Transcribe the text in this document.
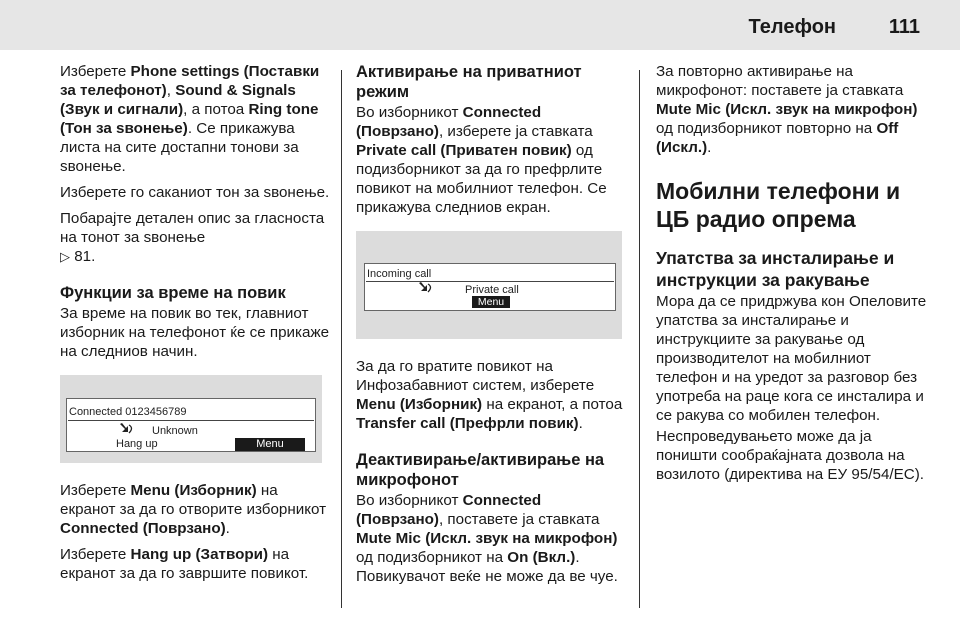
Телефон	111

Изберете Phone settings (Поставки за телефонот), Sound & Signals (Звук и сигнали), а потоа Ring tone (Тон за ѕвонење). Се прикажува листа на сите достапни тонови за ѕвонење.

Изберете го саканиот тон за ѕвонење.

Побарајте детален опис за гласноста на тонот за ѕвонење
▷ 81.

Функции за време на повик

За време на повик во тек, главниот изборник на телефонот ќе се прикаже на следниов начин.

Connected 0123456789
Unknown
Hang up	Menu

Изберете Menu (Изборник) на екранот за да го отворите изборникот Connected (Поврзано).

Изберете Hang up (Затвори) на екранот за да го завршите повикот.

Активирање на приватниот режим

Во изборникот Connected (Поврзано), изберете ја ставката Private call (Приватен повик) од подизборникот за да го префрлите повикот на мобилниот телефон. Се прикажува следниов екран.

Incoming call
Private call
Menu

За да го вратите повикот на Инфозабавниот систем, изберете Menu (Изборник) на екранот, а потоа Transfer call (Префрли повик).

Деактивирање/активирање на микрофонот

Во изборникот Connected (Поврзано), поставете ја ставката Mute Mic (Искл. звук на микрофон) од подизборникот на On (Вкл.). Повикувачот веќе не може да ве чуе.

За повторно активирање на микрофонот: поставете ја ставката Mute Mic (Искл. звук на микрофон) од подизборникот повторно на Off (Искл.).

Мобилни телефони и ЦБ радио опрема
Упатства за инсталирање и инструкции за ракување

Мора да се придржува кон Опеловите упатства за инсталирање и инструкциите за ракување од производителот на мобилниот телефон и на уредот за разговор без употреба на раце кога се инсталира и се ракува со мобилен телефон.

Неспроведувањето може да ја поништи сообраќајната дозвола на возилото (директива на ЕУ 95/54/ЕС).
